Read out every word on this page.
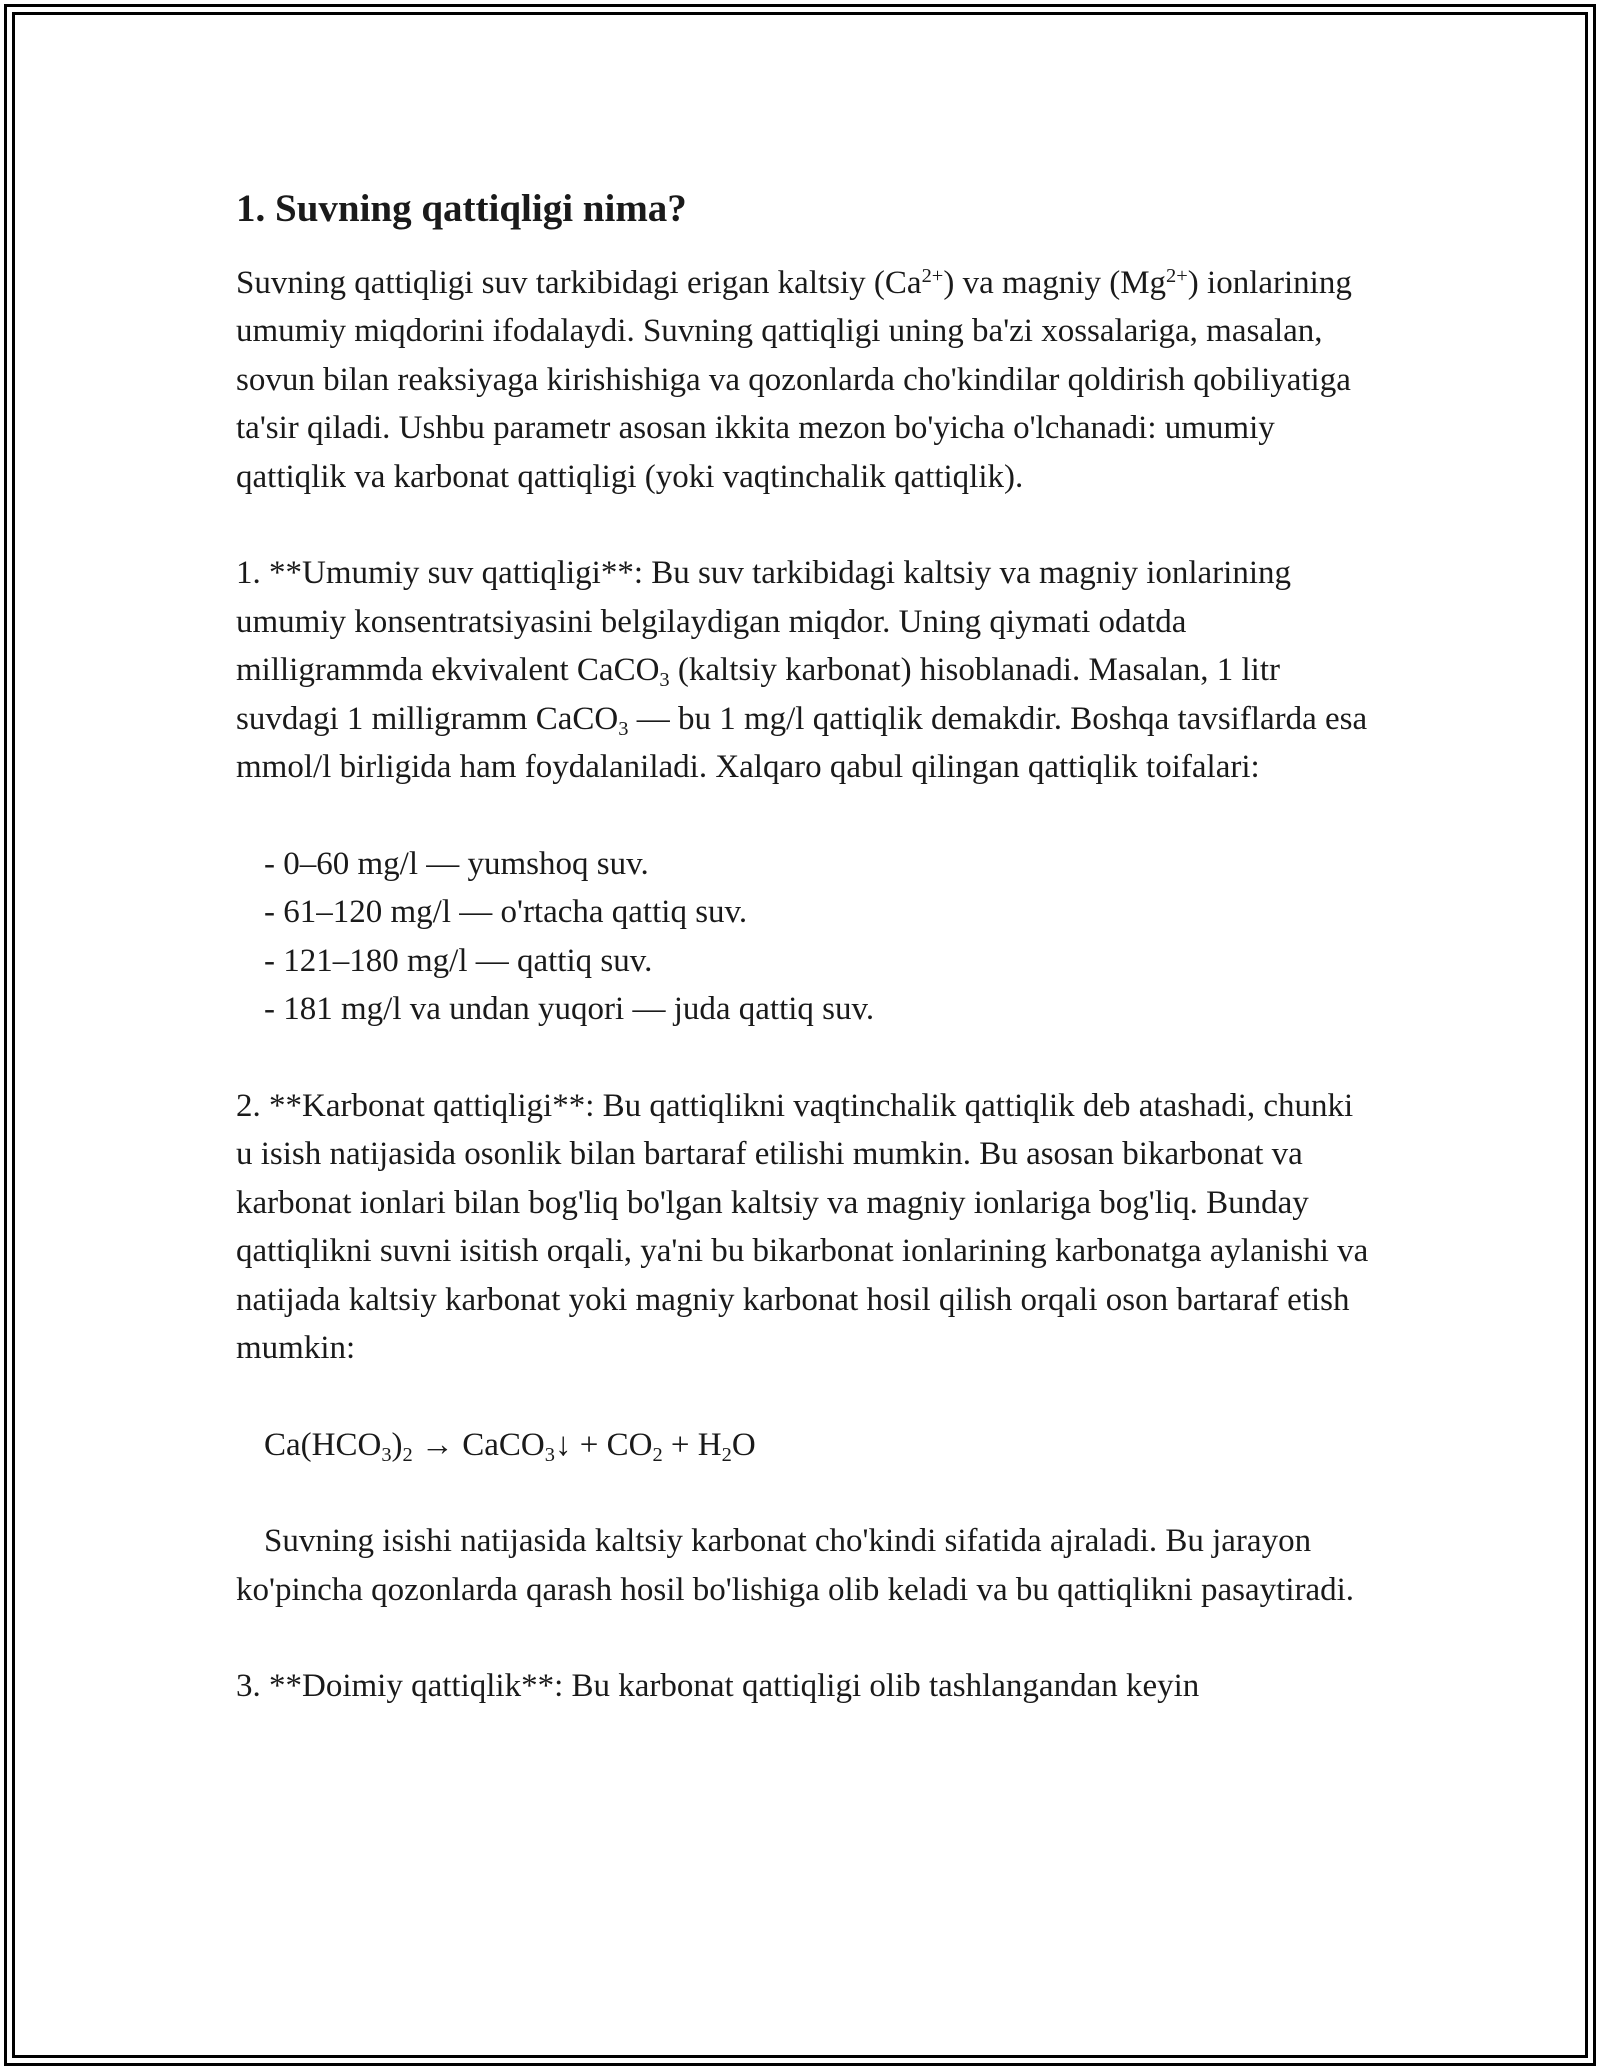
1. Suvning qattiqligi nima?

Suvning qattiqligi suv tarkibidagi erigan kaltsiy $(Ca^{2+})$ va magniy $(Mg^{2+})$ ionlarining umumiy miqdorini ifodalaydi. Suvning qattiqligi uning ba'zi xossalariga, masalan, sovun bilan reaksiyaga kirishishiga va qozonlarda cho'kindilar qoldirish qobiliyatiga ta'sir qiladi. Ushbu parametr asosan ikkita mezon bo'yicha o'lchanadi: umumiy qattiqlik va karbonat qattiqligi (yoki vaqtinchalik qattiqlik).

1. **Umumiy suv qattiqligi**: Bu suv tarkibidagi kaltsiy va magniy ionlarining umumiy konsentratsiyasini belgilaydigan miqdor. Uning qiymati odatda milligrammda ekvivalent CaCO$_3$ (kaltsiy karbonat) hisoblanadi. Masalan, 1 litr suvdagi 1 milligramm CaCO$_3$ — bu 1 mg/l qattiqlik demakdir. Boshqa tavsiflarda esa mmol/l birligida ham foydalaniladi. Xalqaro qabul qilingan qattiqlik toifalari:

- 0–60 mg/l — yumshoq suv.
- 61–120 mg/l — o'rtacha qattiq suv.
- 121–180 mg/l — qattiq suv.
- 181 mg/l va undan yuqori — juda qattiq suv.

2. **Karbonat qattiqligi**: Bu qattiqlikni vaqtinchalik qattiqlik deb atashadi, chunki u isish natijasida osonlik bilan bartaraf etilishi mumkin. Bu asosan bikarbonat va karbonat ionlari bilan bog'liq bo'lgan kaltsiy va magniy ionlariga bog'liq. Bunday qattiqlikni suvni isitish orqali, ya'ni bu bikarbonat ionlarining karbonatga aylanishi va natijada kaltsiy karbonat yoki magniy karbonat hosil qilish orqali oson bartaraf etish mumkin:

$Ca(HCO_3)_2$ → CaCO$_3$↓ + $CO_2 + H_2O$

Suvning isishi natijasida kaltsiy karbonat cho'kindi sifatida ajraladi. Bu jarayon ko'pincha qozonlarda qarash hosil bo'lishiga olib keladi va bu qattiqlikni pasaytiradi.

3. **Doimiy qattiqlik**: Bu karbonat qattiqligi olib tashlangandan keyin
